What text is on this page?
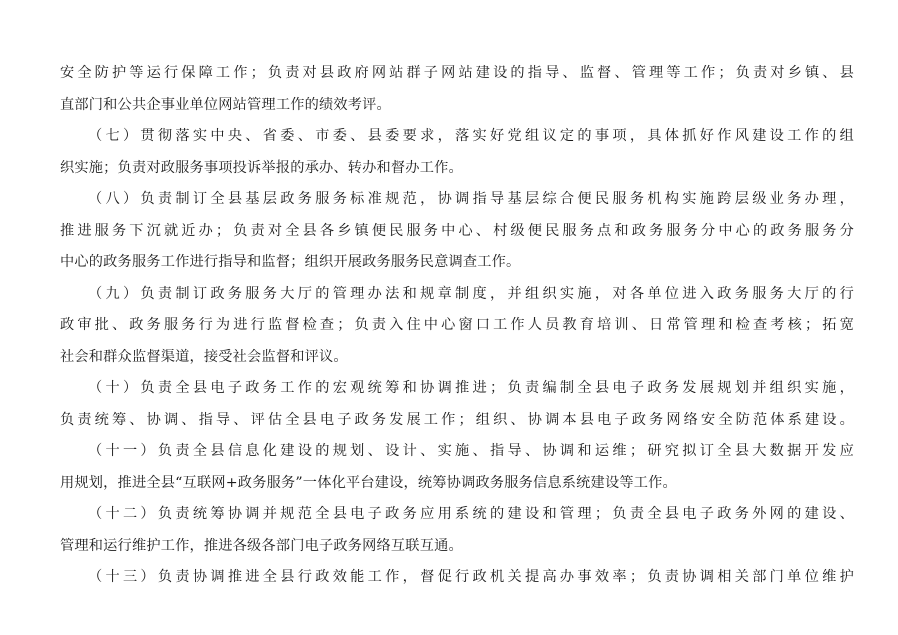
安全防护等运行保障工作；负责对县政府网站群子网站建设的指导、监督、管理等工作；负责对乡镇、县
直部门和公共企事业单位网站管理工作的绩效考评。
（七）贯彻落实中央、省委、市委、县委要求，落实好党组议定的事项，具体抓好作风建设工作的组
织实施；负责对政服务事项投诉举报的承办、转办和督办工作。
（八）负责制订全县基层政务服务标准规范，协调指导基层综合便民服务机构实施跨层级业务办理，
推进服务下沉就近办；负责对全县各乡镇便民服务中心、村级便民服务点和政务服务分中心的政务服务分
中心的政务服务工作进行指导和监督；组织开展政务服务民意调查工作。
（九）负责制订政务服务大厅的管理办法和规章制度，并组织实施，对各单位进入政务服务大厅的行
政审批、政务服务行为进行监督检查；负责入住中心窗口工作人员教育培训、日常管理和检查考核；拓宽
社会和群众监督渠道，接受社会监督和评议。
（十）负责全县电子政务工作的宏观统筹和协调推进；负责编制全县电子政务发展规划并组织实施，
负责统筹、协调、指导、评估全县电子政务发展工作；组织、协调本县电子政务网络安全防范体系建设。
（十一）负责全县信息化建设的规划、设计、实施、指导、协调和运维；研究拟订全县大数据开发应
用规划，推进全县“互联网+政务服务”一体化平台建设，统筹协调政务服务信息系统建设等工作。
（十二）负责统筹协调并规范全县电子政务应用系统的建设和管理；负责全县电子政务外网的建设、
管理和运行维护工作，推进各级各部门电子政务网络互联互通。
（十三）负责协调推进全县行政效能工作，督促行政机关提高办事效率；负责协调相关部门单位维护
